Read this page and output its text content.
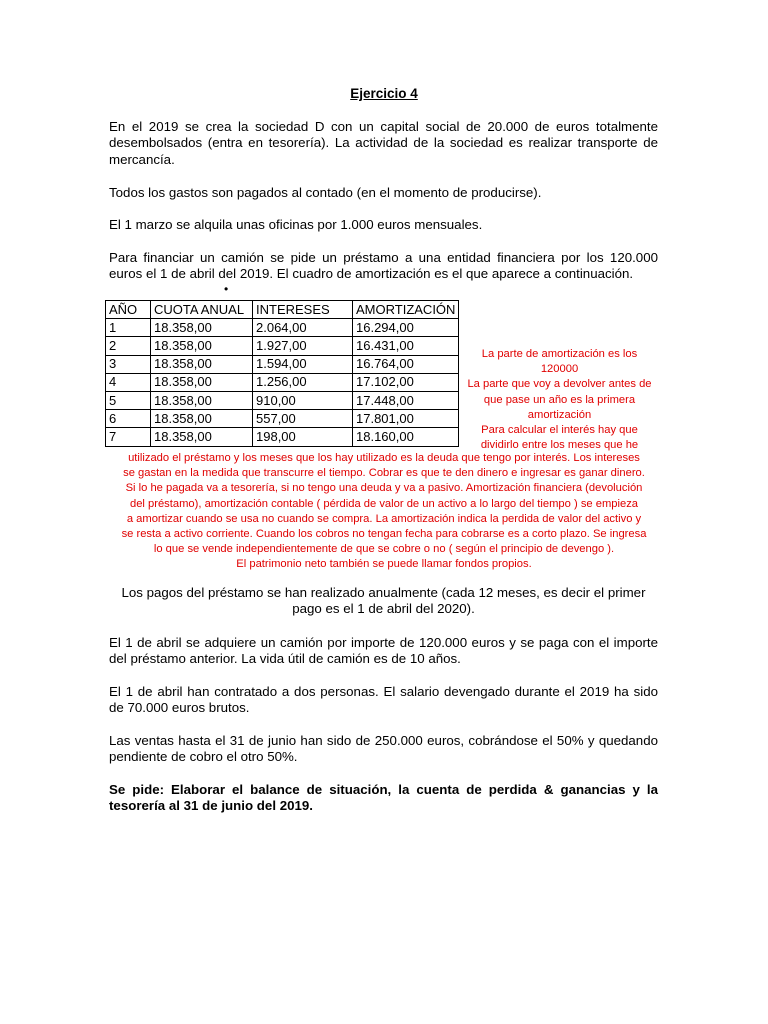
Ejercicio 4
En el 2019 se crea la sociedad D con un capital social de 20.000 de euros totalmente desembolsados (entra en tesorería). La actividad de la sociedad es realizar transporte de mercancía.
Todos los gastos son pagados al contado (en el momento de producirse).
El 1 marzo se alquila unas oficinas por 1.000 euros mensuales.
Para financiar un camión se pide un préstamo a una entidad financiera por los 120.000 euros el 1 de abril del 2019. El cuadro de amortización es el que aparece a continuación.
•
AÑO	CUOTA ANUAL	INTERESES	AMORTIZACIÓN
1	18.358,00	2.064,00	16.294,00
2	18.358,00	1.927,00	16.431,00
3	18.358,00	1.594,00	16.764,00
4	18.358,00	1.256,00	17.102,00
5	18.358,00	910,00	17.448,00
6	18.358,00	557,00	17.801,00
7	18.358,00	198,00	18.160,00
La parte de amortización es los
120000
La parte que voy a devolver antes de
que pase un año es la primera
amortización
Para calcular el interés hay que
dividirlo entre los meses que he
utilizado el préstamo y los meses que los hay utilizado es la deuda que tengo por interés. Los intereses
se gastan en la medida que transcurre el tiempo. Cobrar es que te den dinero e ingresar es ganar dinero.
Si lo he pagada va a tesorería, si no tengo una deuda y va a pasivo. Amortización financiera (devolución
del préstamo), amortización contable ( pérdida de valor de un activo a lo largo del tiempo ) se empieza
a amortizar cuando se usa no cuando se compra. La amortización indica la perdida de valor del activo y
se resta a activo corriente. Cuando los cobros no tengan fecha para cobrarse es a corto plazo. Se ingresa
lo que se vende independientemente de que se cobre o no ( según el principio de devengo ).
El patrimonio neto también se puede llamar fondos propios.
Los pagos del préstamo se han realizado anualmente (cada 12 meses, es decir el primer pago es el 1 de abril del 2020).
El 1 de abril se adquiere un camión por importe de 120.000 euros y se paga con el importe del préstamo anterior. La vida útil de camión es de 10 años.
El 1 de abril han contratado a dos personas. El salario devengado durante el 2019 ha sido de 70.000 euros brutos.
Las ventas hasta el 31 de junio han sido de 250.000 euros, cobrándose el 50% y quedando pendiente de cobro el otro 50%.
Se pide: Elaborar el balance de situación, la cuenta de perdida & ganancias y la tesorería al 31 de junio del 2019.
